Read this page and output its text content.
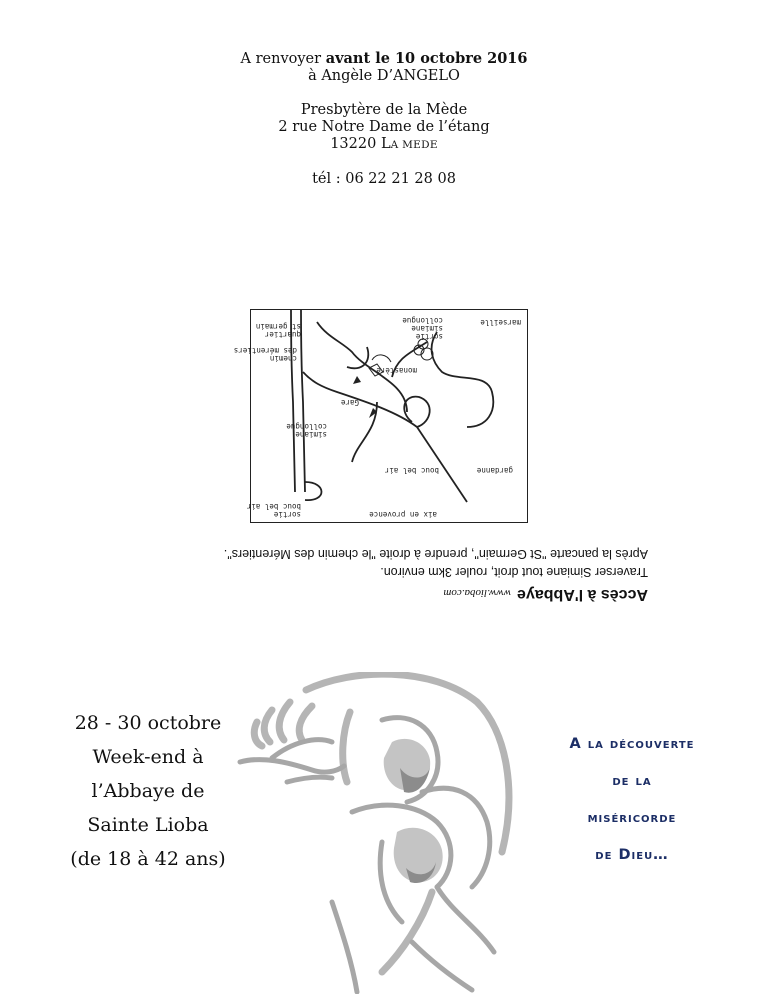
A renvoyer avant le 10 octobre 2016

à Angèle D’ANGELO

Presbytère de la Mède

2 rue Notre Dame de l’étang

13220 LA MEDE

tél : 06 22 21 28 08

Accès à l'Abbayewww.lioba.com
Traverser Simiane tout droit, rouler 3km environ.
Après la pancarte "St Germain", prendre à droite "le chemin des Mérentiers".
aix en provence
sortie
bouc bel air
gardanne
bouc bel air
simiane
collongue
Gare
monastère
chemin
des mérentiers
quartier
st germain
sortie
simiane
collongue	marseille
28 - 30 octobre
Week-end à
l’Abbaye de
Sainte Lioba
(de 18 à 42 ans)
A la découverte
de la
miséricorde
de Dieu…
